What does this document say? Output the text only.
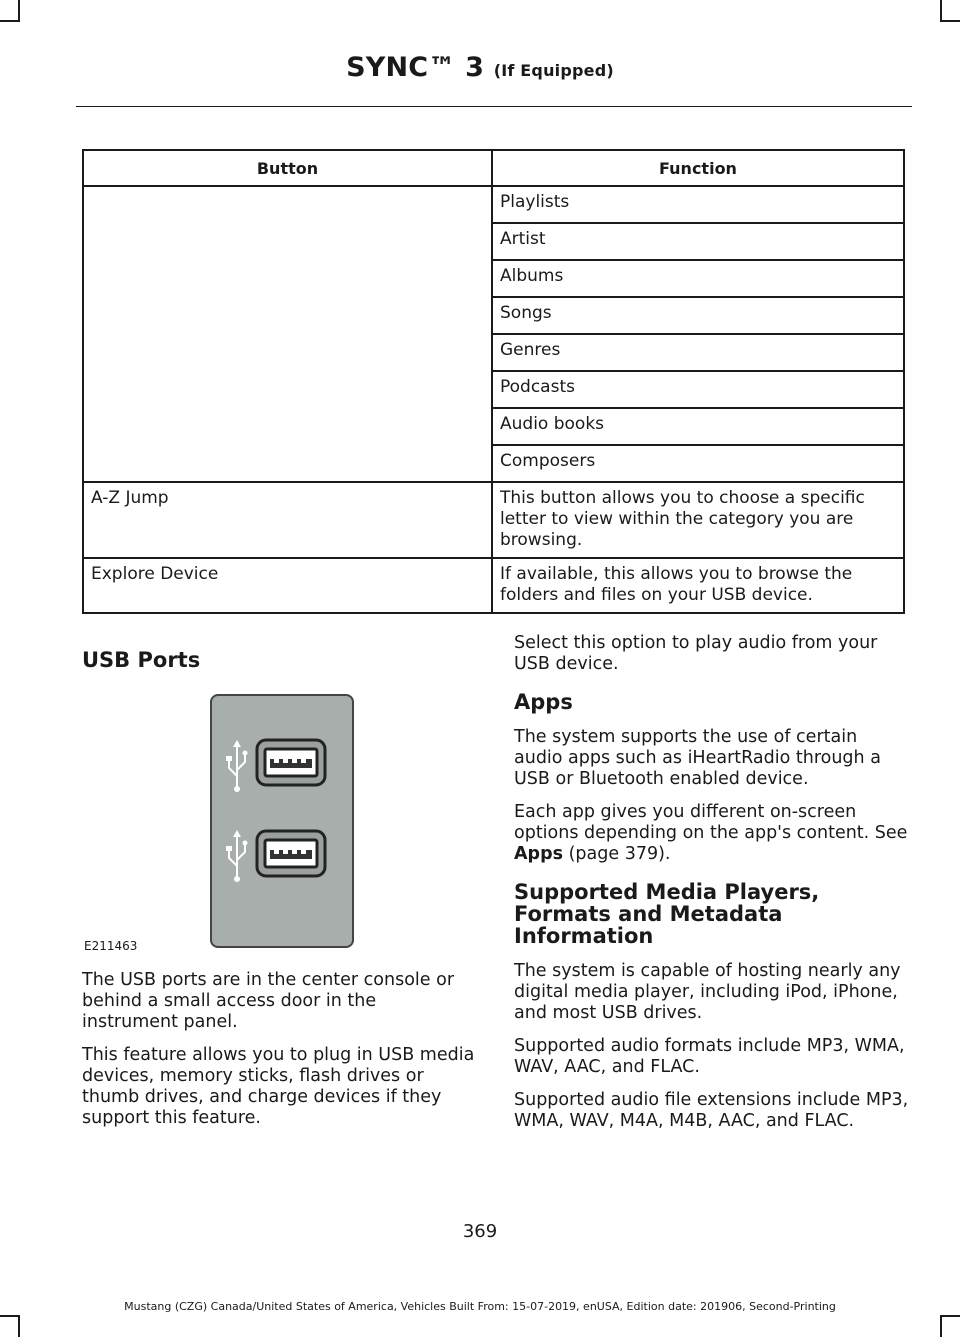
SYNC™ 3 (If Equipped)
Button	Function
	Playlists
	Artist
	Albums
	Songs
	Genres
	Podcasts
	Audio books
	Composers
A-Z Jump	This button allows you to choose a specific letter to view within the category you are browsing.
Explore Device	If available, this allows you to browse the folders and files on your USB device.
USB Ports
E211463

The USB ports are in the center console or behind a small access door in the instrument panel.

This feature allows you to plug in USB media devices, memory sticks, flash drives or thumb drives, and charge devices if they support this feature.

Select this option to play audio from your USB device.

Apps

The system supports the use of certain audio apps such as iHeartRadio through a USB or Bluetooth enabled device.

Each app gives you different on-screen options depending on the app's content. See Apps (page 379).

Supported Media Players, Formats and Metadata Information

The system is capable of hosting nearly any digital media player, including iPod, iPhone, and most USB drives.

Supported audio formats include MP3, WMA, WAV, AAC, and FLAC.

Supported audio file extensions include MP3, WMA, WAV, M4A, M4B, AAC, and FLAC.

369
Mustang (CZG) Canada/United States of America, Vehicles Built From: 15-07-2019, enUSA, Edition date: 201906, Second-Printing
